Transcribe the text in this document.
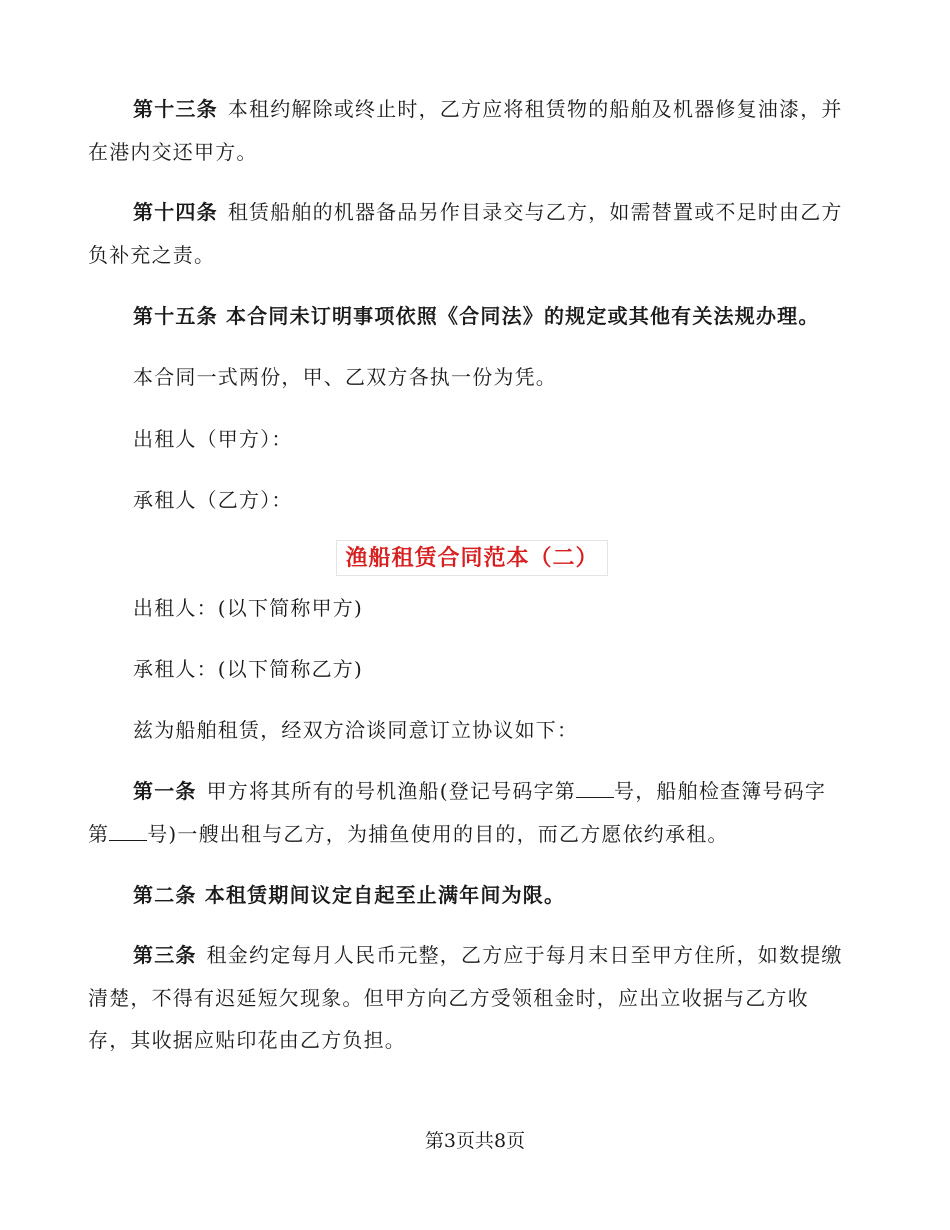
第十三条 本租约解除或终止时，乙方应将租赁物的船舶及机器修复油漆，并
在港内交还甲方。
第十四条 租赁船舶的机器备品另作目录交与乙方，如需替置或不足时由乙方
负补充之责。
第十五条 本合同未订明事项依照《合同法》的规定或其他有关法规办理。
本合同一式两份，甲、乙双方各执一份为凭。
出租人（甲方）：
承租人（乙方）：
渔船租赁合同范本（二）
出租人：(以下简称甲方)
承租人：(以下简称乙方)
兹为船舶租赁，经双方洽谈同意订立协议如下：
第一条 甲方将其所有的号机渔船(登记号码字第 号，船舶检查簿号码字
第 号)一艘出租与乙方，为捕鱼使用的目的，而乙方愿依约承租。
第二条 本租赁期间议定自起至止满年间为限。
第三条 租金约定每月人民币元整，乙方应于每月末日至甲方住所，如数提缴
清楚，不得有迟延短欠现象。但甲方向乙方受领租金时，应出立收据与乙方收
存，其收据应贴印花由乙方负担。
第3页共8页
